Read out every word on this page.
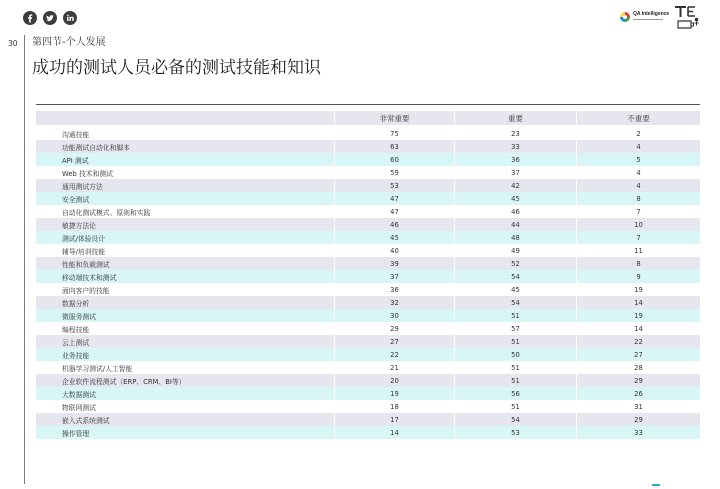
QA Intelligence
30 第四节-个人发展
成功的测试人员必备的测试技能和知识
非常重要	重要	不重要
沟通技能	75	23	2
功能测试自动化和脚本	63	33	4
API 测试	60	36	5
Web 技术和测试	59	37	4
通用测试方法	53	42	4
安全测试	47	45	8
自动化测试模式、原则和实践	47	46	7
敏捷方法论	46	44	10
测试/体验设计	45	48	7
辅导/培训技能	40	49	11
性能和负载测试	39	52	8
移动端技术和测试	37	54	9
面向客户的技能	36	45	19
数据分析	32	54	14
微服务测试	30	51	19
编程技能	29	57	14
云上测试	27	51	22
业务技能	22	50	27
机器学习测试/人工智能	21	51	28
企业软件流程测试（ERP、CRM、BI等）	20	51	29
大数据测试	19	56	26
物联网测试	18	51	31
嵌入式系统测试	17	54	29
操作管理	14	53	33
